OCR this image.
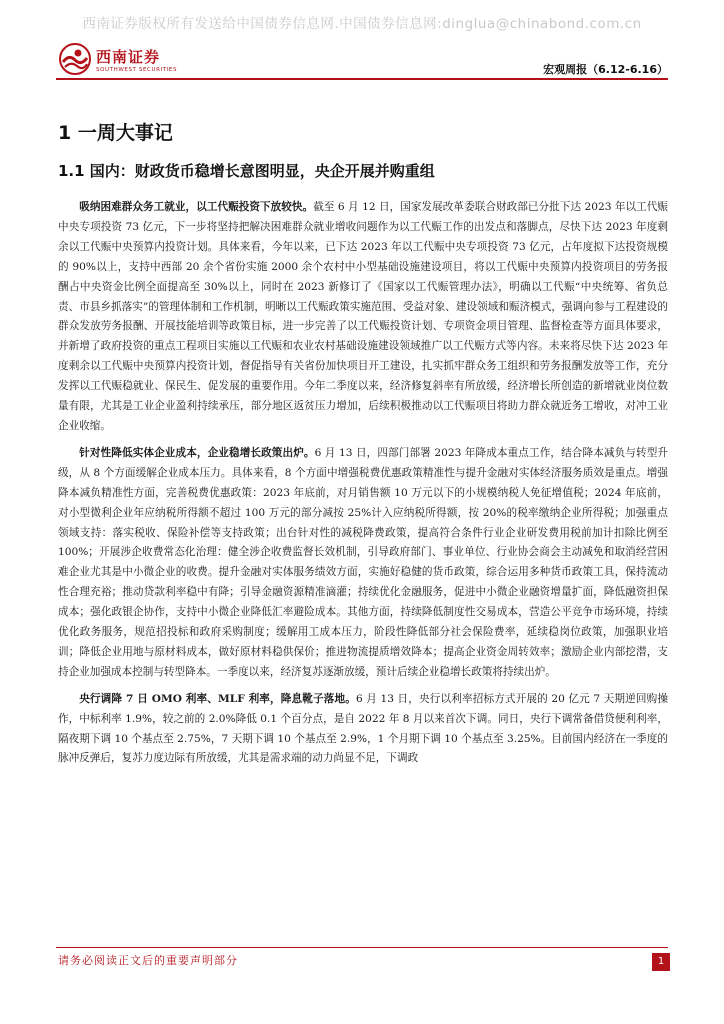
西南证券版权所有发送给中国债券信息网.中国债券信息网:dinglua@chinabond.com.cn
西南证券
SOUTHWEST SECURITIES	宏观周报（6.12-6.16）
1 一周大事记
1.1 国内：财政货币稳增长意图明显，央企开展并购重组

吸纳困难群众务工就业，以工代赈投资下放较快。截至 6 月 12 日，国家发展改革委联合财政部已分批下达 2023 年以工代赈中央专项投资 73 亿元，下一步将坚持把解决困难群众就业增收问题作为以工代赈工作的出发点和落脚点，尽快下达 2023 年度剩余以工代赈中央预算内投资计划。具体来看，今年以来，已下达 2023 年以工代赈中央专项投资 73 亿元，占年度拟下达投资规模的 90%以上，支持中西部 20 余个省份实施 2000 余个农村中小型基础设施建设项目，将以工代赈中央预算内投资项目的劳务报酬占中央资金比例全面提高至 30%以上，同时在 2023 新修订了《国家以工代赈管理办法》，明确以工代赈“中央统筹、省负总责、市县乡抓落实”的管理体制和工作机制，明晰以工代赈政策实施范围、受益对象、建设领域和赈济模式，强调向参与工程建设的群众发放劳务报酬、开展技能培训等政策目标，进一步完善了以工代赈投资计划、专项资金项目管理、监督检查等方面具体要求，并新增了政府投资的重点工程项目实施以工代赈和农业农村基础设施建设领域推广以工代赈方式等内容。未来将尽快下达 2023 年度剩余以工代赈中央预算内投资计划，督促指导有关省份加快项目开工建设，扎实抓牢群众务工组织和劳务报酬发放等工作，充分发挥以工代赈稳就业、保民生、促发展的重要作用。今年二季度以来，经济修复斜率有所放缓，经济增长所创造的新增就业岗位数量有限，尤其是工业企业盈利持续承压，部分地区返贫压力增加，后续积极推动以工代赈项目将助力群众就近务工增收，对冲工业企业收缩。

针对性降低实体企业成本，企业稳增长政策出炉。6 月 13 日，四部门部署 2023 年降成本重点工作，结合降本减负与转型升级，从 8 个方面缓解企业成本压力。具体来看，8 个方面中增强税费优惠政策精准性与提升金融对实体经济服务质效是重点。增强降本减负精准性方面，完善税费优惠政策：2023 年底前，对月销售额 10 万元以下的小规模纳税人免征增值税；2024 年底前，对小型微利企业年应纳税所得额不超过 100 万元的部分减按 25%计入应纳税所得额，按 20%的税率缴纳企业所得税；加强重点领域支持：落实税收、保险补偿等支持政策；出台针对性的减税降费政策，提高符合条件行业企业研发费用税前加计扣除比例至 100%；开展涉企收费常态化治理：健全涉企收费监督长效机制，引导政府部门、事业单位、行业协会商会主动减免和取消经营困难企业尤其是中小微企业的收费。提升金融对实体服务绩效方面，实施好稳健的货币政策，综合运用多种货币政策工具，保持流动性合理充裕；推动贷款利率稳中有降；引导金融资源精准滴灌；持续优化金融服务，促进中小微企业融资增量扩面，降低融资担保成本；强化政银企协作，支持中小微企业降低汇率避险成本。其他方面，持续降低制度性交易成本，营造公平竞争市场环境，持续优化政务服务，规范招投标和政府采购制度；缓解用工成本压力，阶段性降低部分社会保险费率，延续稳岗位政策，加强职业培训；降低企业用地与原材料成本，做好原材料稳供保价；推进物流提质增效降本；提高企业资金周转效率；激励企业内部挖潜，支持企业加强成本控制与转型降本。一季度以来，经济复苏逐渐放缓，预计后续企业稳增长政策将持续出炉。

央行调降 7 日 OMO 利率、MLF 利率，降息靴子落地。6 月 13 日，央行以利率招标方式开展的 20 亿元 7 天期逆回购操作，中标利率 1.9%，较之前的 2.0%降低 0.1 个百分点，是自 2022 年 8 月以来首次下调。同日，央行下调常备借贷便利利率，隔夜期下调 10 个基点至 2.75%，7 天期下调 10 个基点至 2.9%，1 个月期下调 10 个基点至 3.25%。目前国内经济在一季度的脉冲反弹后，复苏力度边际有所放缓，尤其是需求端的动力尚显不足，下调政

请务必阅读正文后的重要声明部分	1
